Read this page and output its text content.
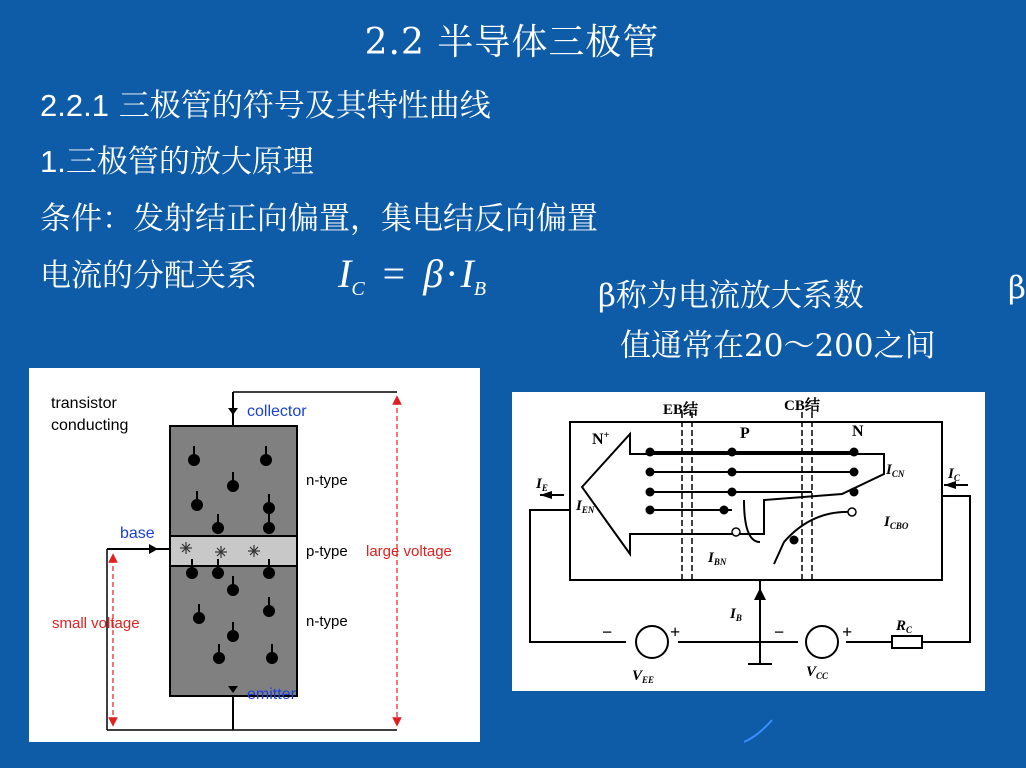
2.2 半导体三极管
2.2.1 三极管的符号及其特性曲线
1.三极管的放大原理
条件：发射结正向偏置，集电结反向偏置
电流的分配关系 $I_C = \beta\cdot I_B$	β称为电流放大系数	β
值通常在20～200之间
transistor
conducting
collector
base
emitter
n-type
p-type
n-type
large voltage
small voltage
EB结	CB结
N+	P	N
$I_E$
$I_{EN}$
$I_{CN}$	$I_C$
$I_{CBO}$
$I_{BN}$
$I_B$	$R_C$
$V_{EE}$	$V_{CC}$
−	+	−	+
